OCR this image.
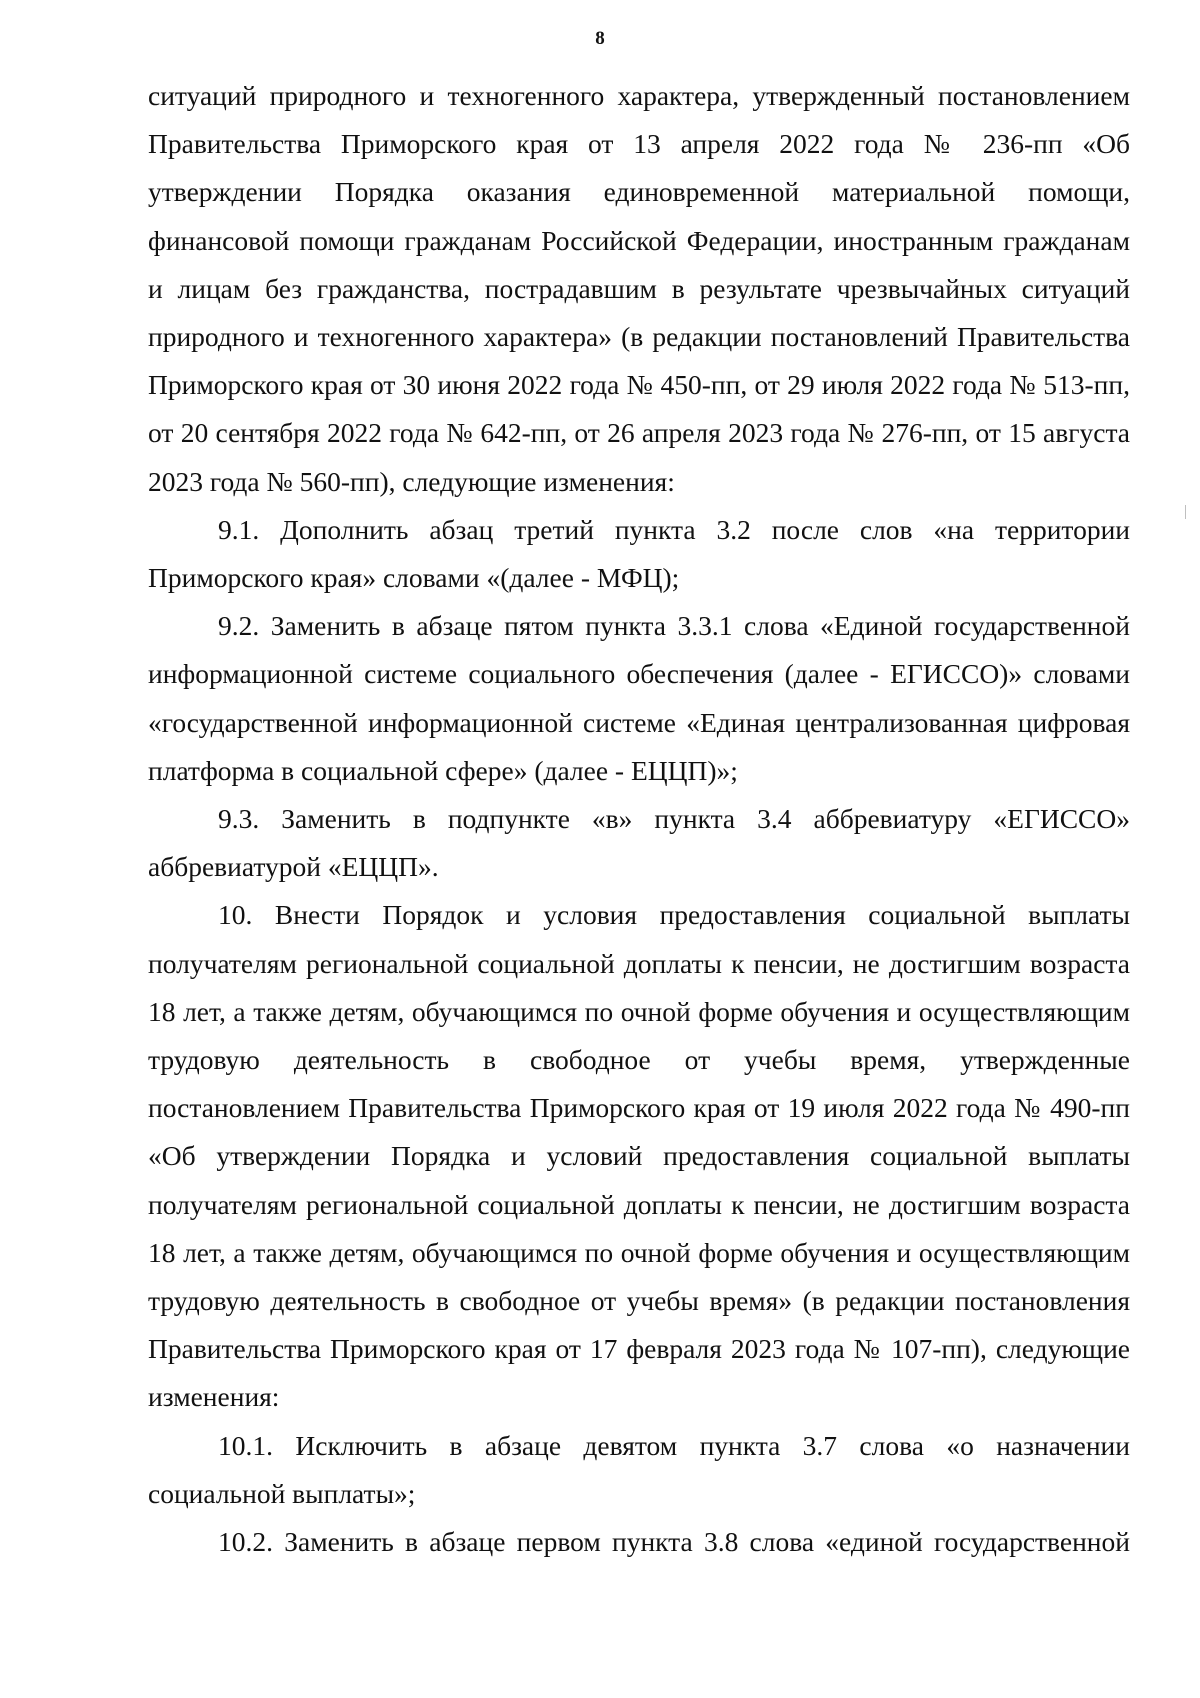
8

ситуаций природного и техногенного характера, утвержденный постановлением Правительства Приморского края от 13 апреля 2022 года № 236-пп «Об утверждении Порядка оказания единовременной материальной помощи, финансовой помощи гражданам Российской Федерации, иностранным гражданам и лицам без гражданства, пострадавшим в результате чрезвычайных ситуаций природного и техногенного характера» (в редакции постановлений Правительства Приморского края от 30 июня 2022 года № 450-пп, от 29 июля 2022 года № 513-пп, от 20 сентября 2022 года № 642-пп, от 26 апреля 2023 года № 276-пп, от 15 августа 2023 года № 560-пп), следующие изменения:

9.1. Дополнить абзац третий пункта 3.2 после слов «на территории Приморского края» словами «(далее - МФЦ);

9.2. Заменить в абзаце пятом пункта 3.3.1 слова «Единой государственной информационной системе социального обеспечения (далее - ЕГИССО)» словами «государственной информационной системе «Единая централизованная цифровая платформа в социальной сфере» (далее - ЕЦЦП)»;

9.3. Заменить в подпункте «в» пункта 3.4 аббревиатуру «ЕГИССО» аббревиатурой «ЕЦЦП».

10. Внести Порядок и условия предоставления социальной выплаты получателям региональной социальной доплаты к пенсии, не достигшим возраста 18 лет, а также детям, обучающимся по очной форме обучения и осуществляющим трудовую деятельность в свободное от учебы время, утвержденные постановлением Правительства Приморского края от 19 июля 2022 года № 490-пп «Об утверждении Порядка и условий предоставления социальной выплаты получателям региональной социальной доплаты к пенсии, не достигшим возраста 18 лет, а также детям, обучающимся по очной форме обучения и осуществляющим трудовую деятельность в свободное от учебы время» (в редакции постановления Правительства Приморского края от 17 февраля 2023 года № 107-пп), следующие изменения:

10.1. Исключить в абзаце девятом пункта 3.7 слова «о назначении социальной выплаты»;

10.2. Заменить в абзаце первом пункта 3.8 слова «единой государственной
